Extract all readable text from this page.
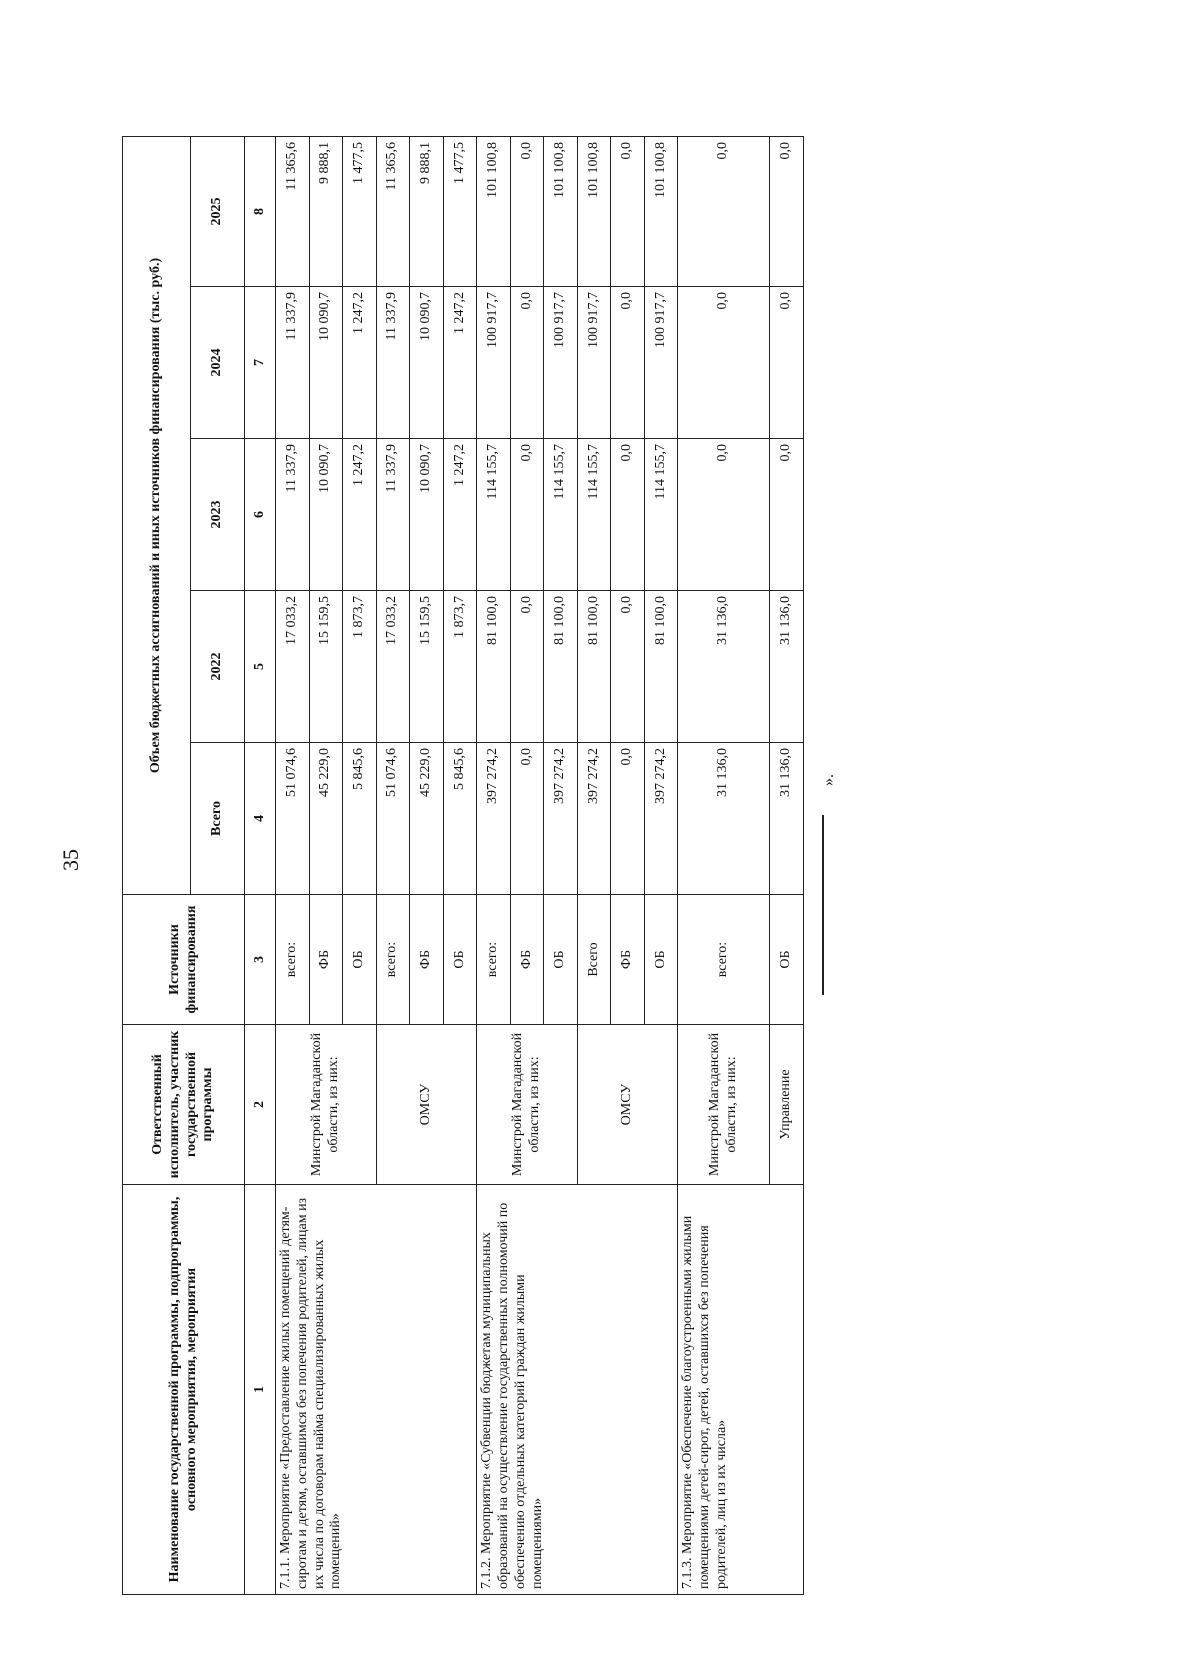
35
Наименование государственной программы, подпрограммы, основного мероприятия, мероприятия	Ответственный исполнитель, участник государственной программы	Источники финансирования	Объем бюджетных ассигнований и иных источников финансирования (тыс. руб.)				
			Всего	2022	2023	2024	2025
1	2	3	4	5	6	7	8
7.1.1. Мероприятие «Предоставление жилых помещений детям-сиротам и детям, оставшимся без попечения родителей, лицам из их числа по договорам найма специализированных жилых помещений»	Минстрой Магаданской области, из них:	всего:	51 074,6	17 033,2	11 337,9	11 337,9	11 365,6
		ФБ	45 229,0	15 159,5	10 090,7	10 090,7	9 888,1
		ОБ	5 845,6	1 873,7	1 247,2	1 247,2	1 477,5
	ОМСУ	всего:	51 074,6	17 033,2	11 337,9	11 337,9	11 365,6
		ФБ	45 229,0	15 159,5	10 090,7	10 090,7	9 888,1
		ОБ	5 845,6	1 873,7	1 247,2	1 247,2	1 477,5
7.1.2. Мероприятие «Субвенции бюджетам муниципальных образований на осуществление государственных полномочий по обеспечению отдельных категорий граждан жилыми помещениями»	Минстрой Магаданской области, из них:	всего:	397 274,2	81 100,0	114 155,7	100 917,7	101 100,8
		ФБ	0,0	0,0	0,0	0,0	0,0
		ОБ	397 274,2	81 100,0	114 155,7	100 917,7	101 100,8
	ОМСУ	Всего	397 274,2	81 100,0	114 155,7	100 917,7	101 100,8
		ФБ	0,0	0,0	0,0	0,0	0,0
		ОБ	397 274,2	81 100,0	114 155,7	100 917,7	101 100,8
7.1.3. Мероприятие «Обеспечение благоустроенными жилыми помещениями детей-сирот, детей, оставшихся без попечения родителей, лиц из их числа»	Минстрой Магаданской области, из них:	всего:	31 136,0	31 136,0	0,0	0,0	0,0
	Управление	ОБ	31 136,0	31 136,0	0,0	0,0	0,0
».
